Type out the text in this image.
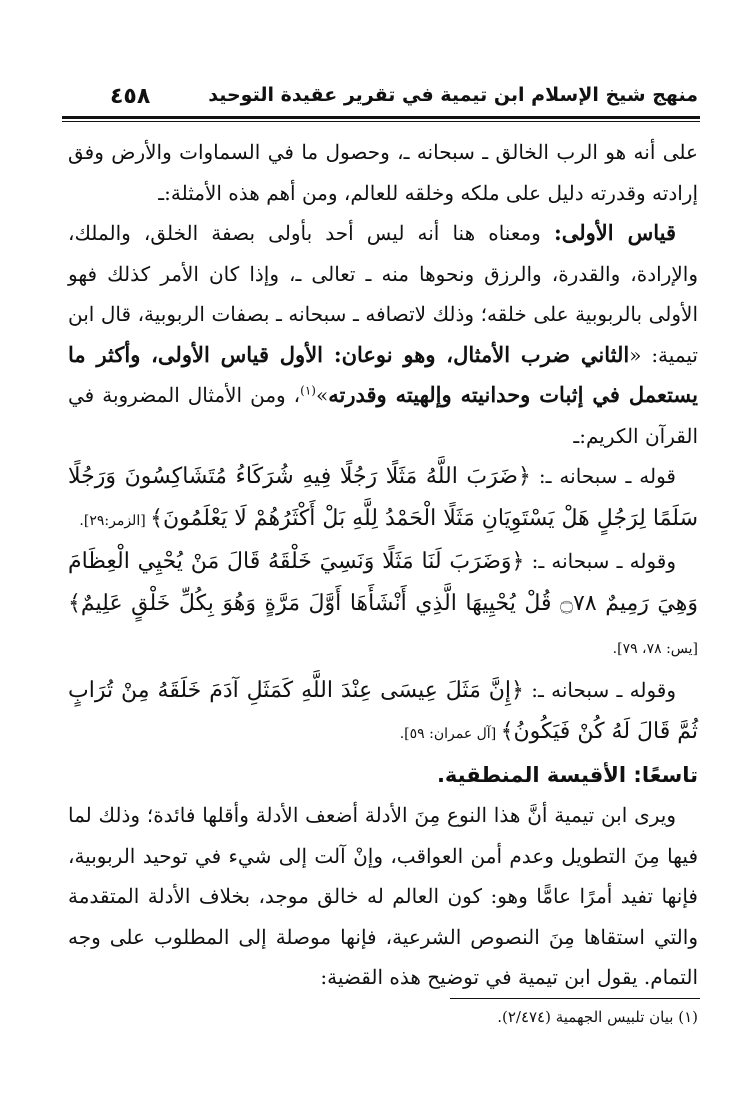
منهج شيخ الإسلام ابن تيمية في تقرير عقيدة التوحيد
٤٥٨

على أنه هو الرب الخالق ـ سبحانه ـ، وحصول ما في السماوات والأرض وفق إرادته وقدرته دليل على ملكه وخلقه للعالم، ومن أهم هذه الأمثلة:ـ

قياس الأولى: ومعناه هنا أنه ليس أحد بأولى بصفة الخلق، والملك، والإرادة، والقدرة، والرزق ونحوها منه ـ تعالى ـ، وإذا كان الأمر كذلك فهو الأولى بالربوبية على خلقه؛ وذلك لاتصافه ـ سبحانه ـ بصفات الربوبية، قال ابن تيمية: «الثاني ضرب الأمثال، وهو نوعان: الأول قياس الأولى، وأكثر ما يستعمل في إثبات وحدانيته وإلهيته وقدرته»$^{(١)}$، ومن الأمثال المضروبة في القرآن الكريم:ـ

قوله ـ سبحانه ـ: ﴿ضَرَبَ اللَّهُ مَثَلًا رَجُلًا فِيهِ شُرَكَاءُ مُتَشَاكِسُونَ وَرَجُلًا سَلَمًا لِرَجُلٍ هَلْ يَسْتَوِيَانِ مَثَلًا الْحَمْدُ لِلَّهِ بَلْ أَكْثَرُهُمْ لَا يَعْلَمُونَ﴾ [الزمر:٢٩].

وقوله ـ سبحانه ـ: ﴿وَضَرَبَ لَنَا مَثَلًا وَنَسِيَ خَلْقَهُ قَالَ مَنْ يُحْيِي الْعِظَامَ وَهِيَ رَمِيمٌ ۝٧٨ قُلْ يُحْيِيهَا الَّذِي أَنْشَأَهَا أَوَّلَ مَرَّةٍ وَهُوَ بِكُلِّ خَلْقٍ عَلِيمٌ﴾ [يس: ٧٨، ٧٩].

وقوله ـ سبحانه ـ: ﴿إِنَّ مَثَلَ عِيسَى عِنْدَ اللَّهِ كَمَثَلِ آدَمَ خَلَقَهُ مِنْ تُرَابٍ ثُمَّ قَالَ لَهُ كُنْ فَيَكُونُ﴾ [آل عمران: ٥٩].

تاسعًا: الأقيسة المنطقية.

ويرى ابن تيمية أنَّ هذا النوع مِنَ الأدلة أضعف الأدلة وأقلها فائدة؛ وذلك لما فيها مِنَ التطويل وعدم أمن العواقب، وإنْ آلت إلى شيء في توحيد الربوبية، فإنها تفيد أمرًا عامًّا وهو: كون العالم له خالق موجد، بخلاف الأدلة المتقدمة والتي استقاها مِنَ النصوص الشرعية، فإنها موصلة إلى المطلوب على وجه التمام. يقول ابن تيمية في توضيح هذه القضية:

(١) بيان تلبيس الجهمية (٢/٤٧٤).
